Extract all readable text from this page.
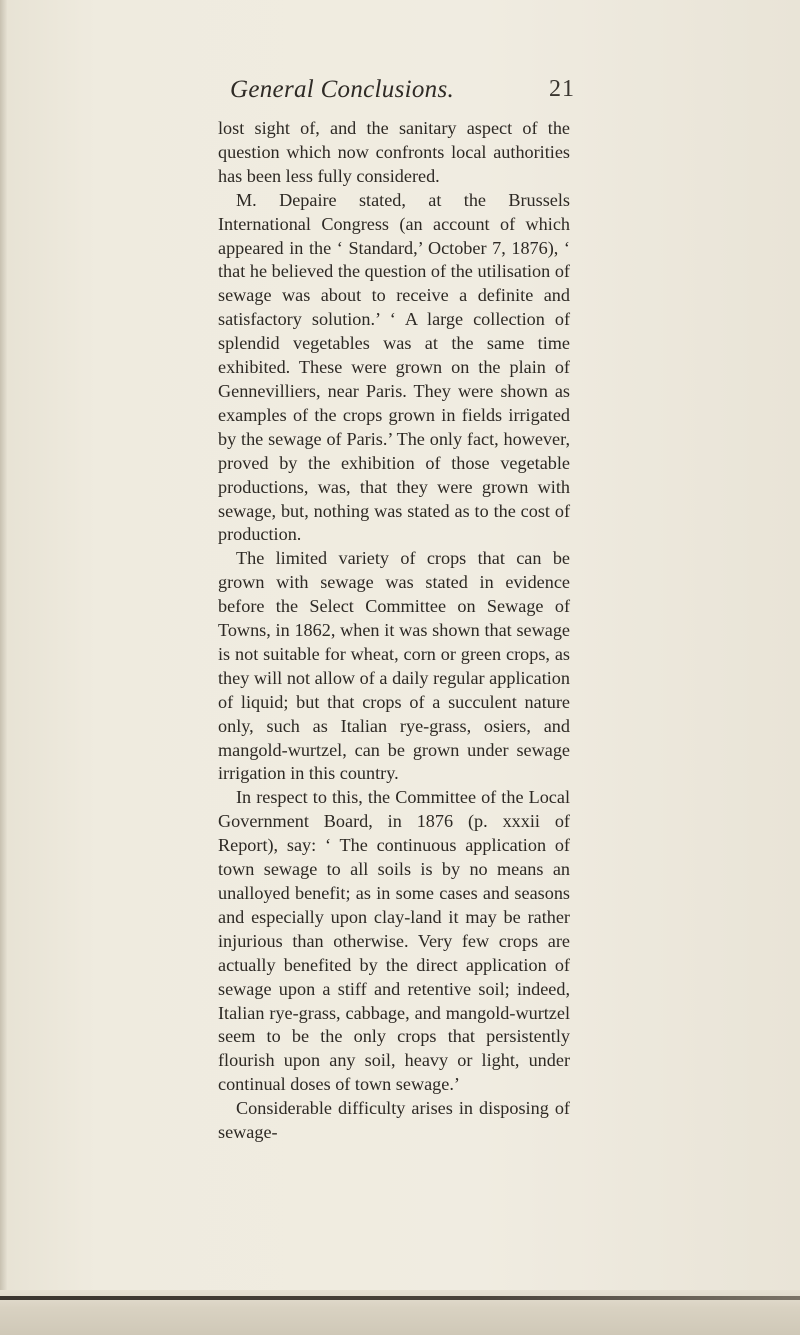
General Conclusions.	21

lost sight of, and the sanitary aspect of the question which now confronts local authorities has been less fully considered.

M. Depaire stated, at the Brussels International Congress (an account of which appeared in the ‘ Standard,’ October 7, 1876), ‘ that he believed the question of the utilisation of sewage was about to receive a definite and satisfactory solution.’ ‘ A large collection of splendid vegetables was at the same time exhibited. These were grown on the plain of Gennevilliers, near Paris. They were shown as examples of the crops grown in fields irrigated by the sewage of Paris.’ The only fact, however, proved by the exhibition of those vegetable productions, was, that they were grown with sewage, but, nothing was stated as to the cost of production.

The limited variety of crops that can be grown with sewage was stated in evidence before the Select Committee on Sewage of Towns, in 1862, when it was shown that sewage is not suitable for wheat, corn or green crops, as they will not allow of a daily regular application of liquid; but that crops of a succulent nature only, such as Italian rye-grass, osiers, and mangold-wurtzel, can be grown under sewage irrigation in this country.

In respect to this, the Committee of the Local Government Board, in 1876 (p. xxxii of Report), say: ‘ The continuous application of town sewage to all soils is by no means an unalloyed benefit; as in some cases and seasons and especially upon clay-land it may be rather injurious than otherwise. Very few crops are actually benefited by the direct application of sewage upon a stiff and retentive soil; indeed, Italian rye-grass, cabbage, and mangold-wurtzel seem to be the only crops that persistently flourish upon any soil, heavy or light, under continual doses of town sewage.’

Considerable difficulty arises in disposing of sewage-
